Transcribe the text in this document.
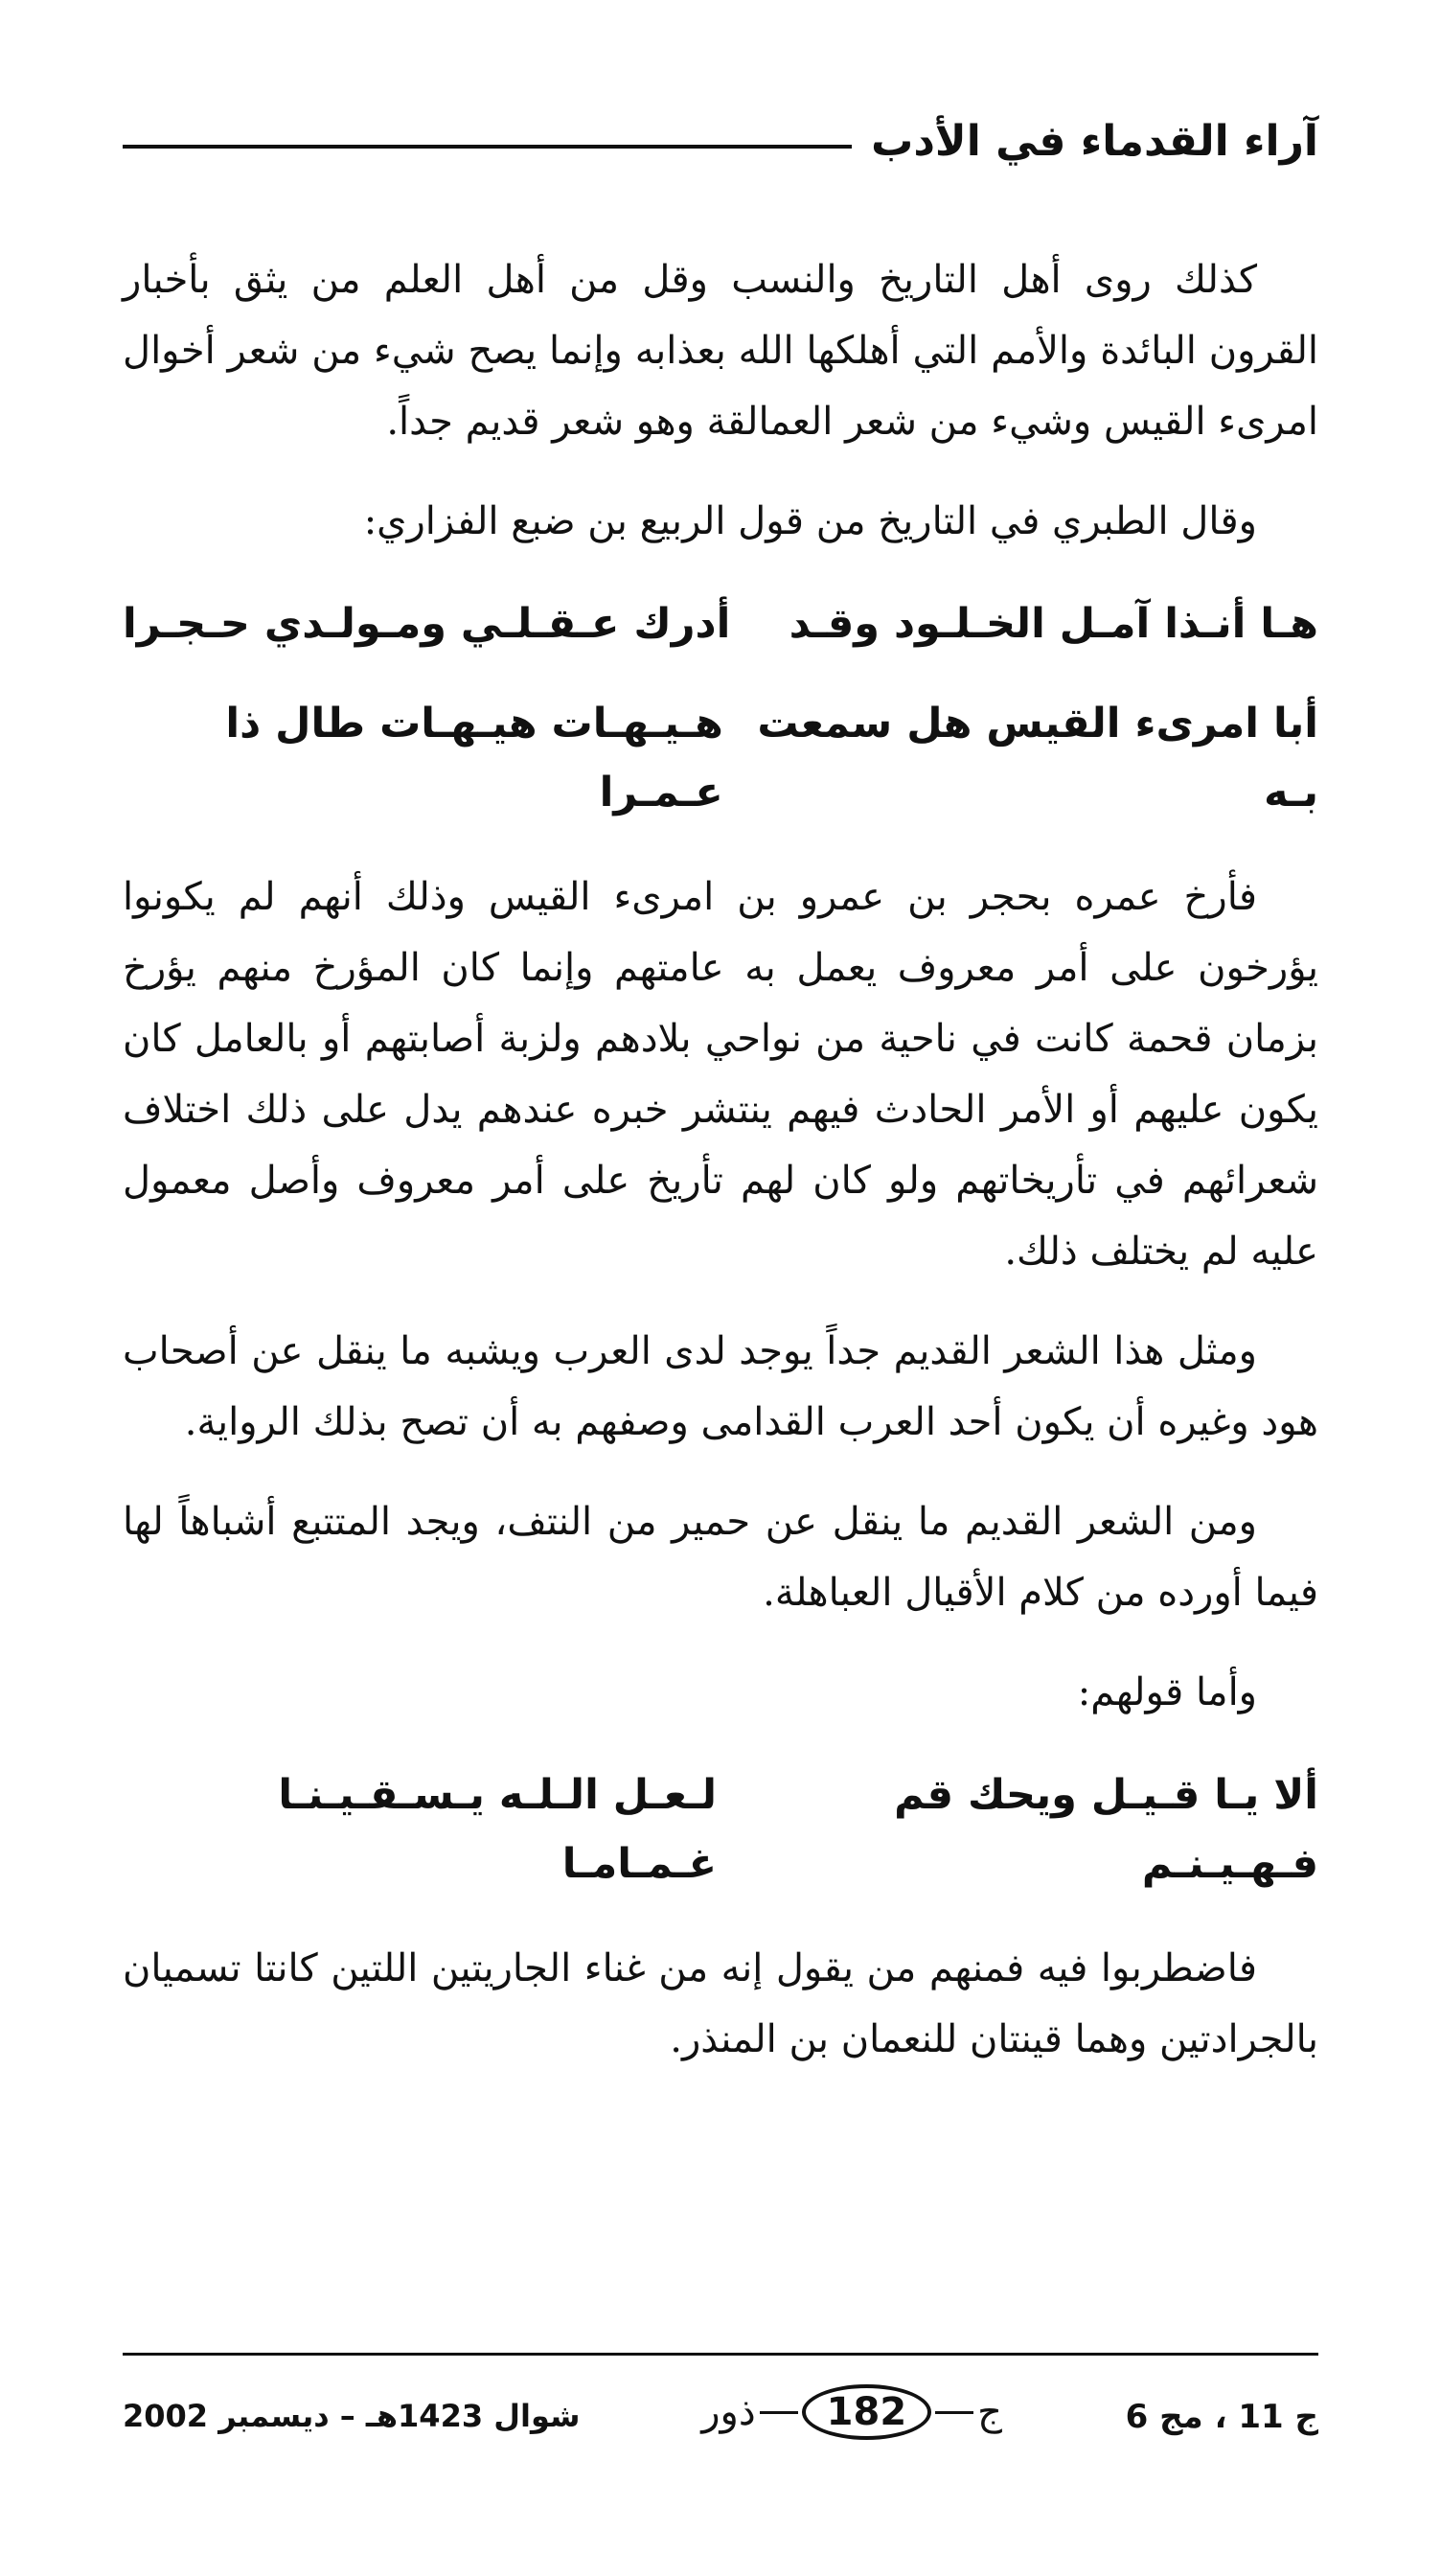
آراء القدماء في الأدب

كذلك روى أهل التاريخ والنسب وقل من أهل العلم من يثق بأخبار القرون البائدة والأمم التي أهلكها الله بعذابه وإنما يصح شيء من شعر أخوال امرىء القيس وشيء من شعر العمالقة وهو شعر قديم جداً.

وقال الطبري في التاريخ من قول الربيع بن ضبع الفزاري:

هـا أنـذا آمـل الخـلـود وقـد
أدرك عـقـلـي ومـولـدي حـجـرا
أبا امرىء القيس هل سمعت بـه
هـيـهـات هيـهـات طال ذا عـمـرا

فأرخ عمره بحجر بن عمرو بن امرىء القيس وذلك أنهم لم يكونوا يؤرخون على أمر معروف يعمل به عامتهم وإنما كان المؤرخ منهم يؤرخ بزمان قحمة كانت في ناحية من نواحي بلادهم ولزبة أصابتهم أو بالعامل كان يكون عليهم أو الأمر الحادث فيهم ينتشر خبره عندهم يدل على ذلك اختلاف شعرائهم في تأريخاتهم ولو كان لهم تأريخ على أمر معروف وأصل معمول عليه لم يختلف ذلك.

ومثل هذا الشعر القديم جداً يوجد لدى العرب ويشبه ما ينقل عن أصحاب هود وغيره أن يكون أحد العرب القدامى وصفهم به أن تصح بذلك الرواية.

ومن الشعر القديم ما ينقل عن حمير من النتف، ويجد المتتبع أشباهاً لها فيما أورده من كلام الأقيال العباهلة.

وأما قولهم:

ألا يـا قـيـل ويحك قم فـهـيـنـم
لـعـل الـلـه يـسـقـيـنـا غـمـامـا

فاضطربوا فيه فمنهم من يقول إنه من غناء الجاريتين اللتين كانتا تسميان بالجرادتين وهما قينتان للنعمان بن المنذر.

ج 11 ، مج 6
ج
182
ذور
شوال 1423هـ – ديسمبر 2002
